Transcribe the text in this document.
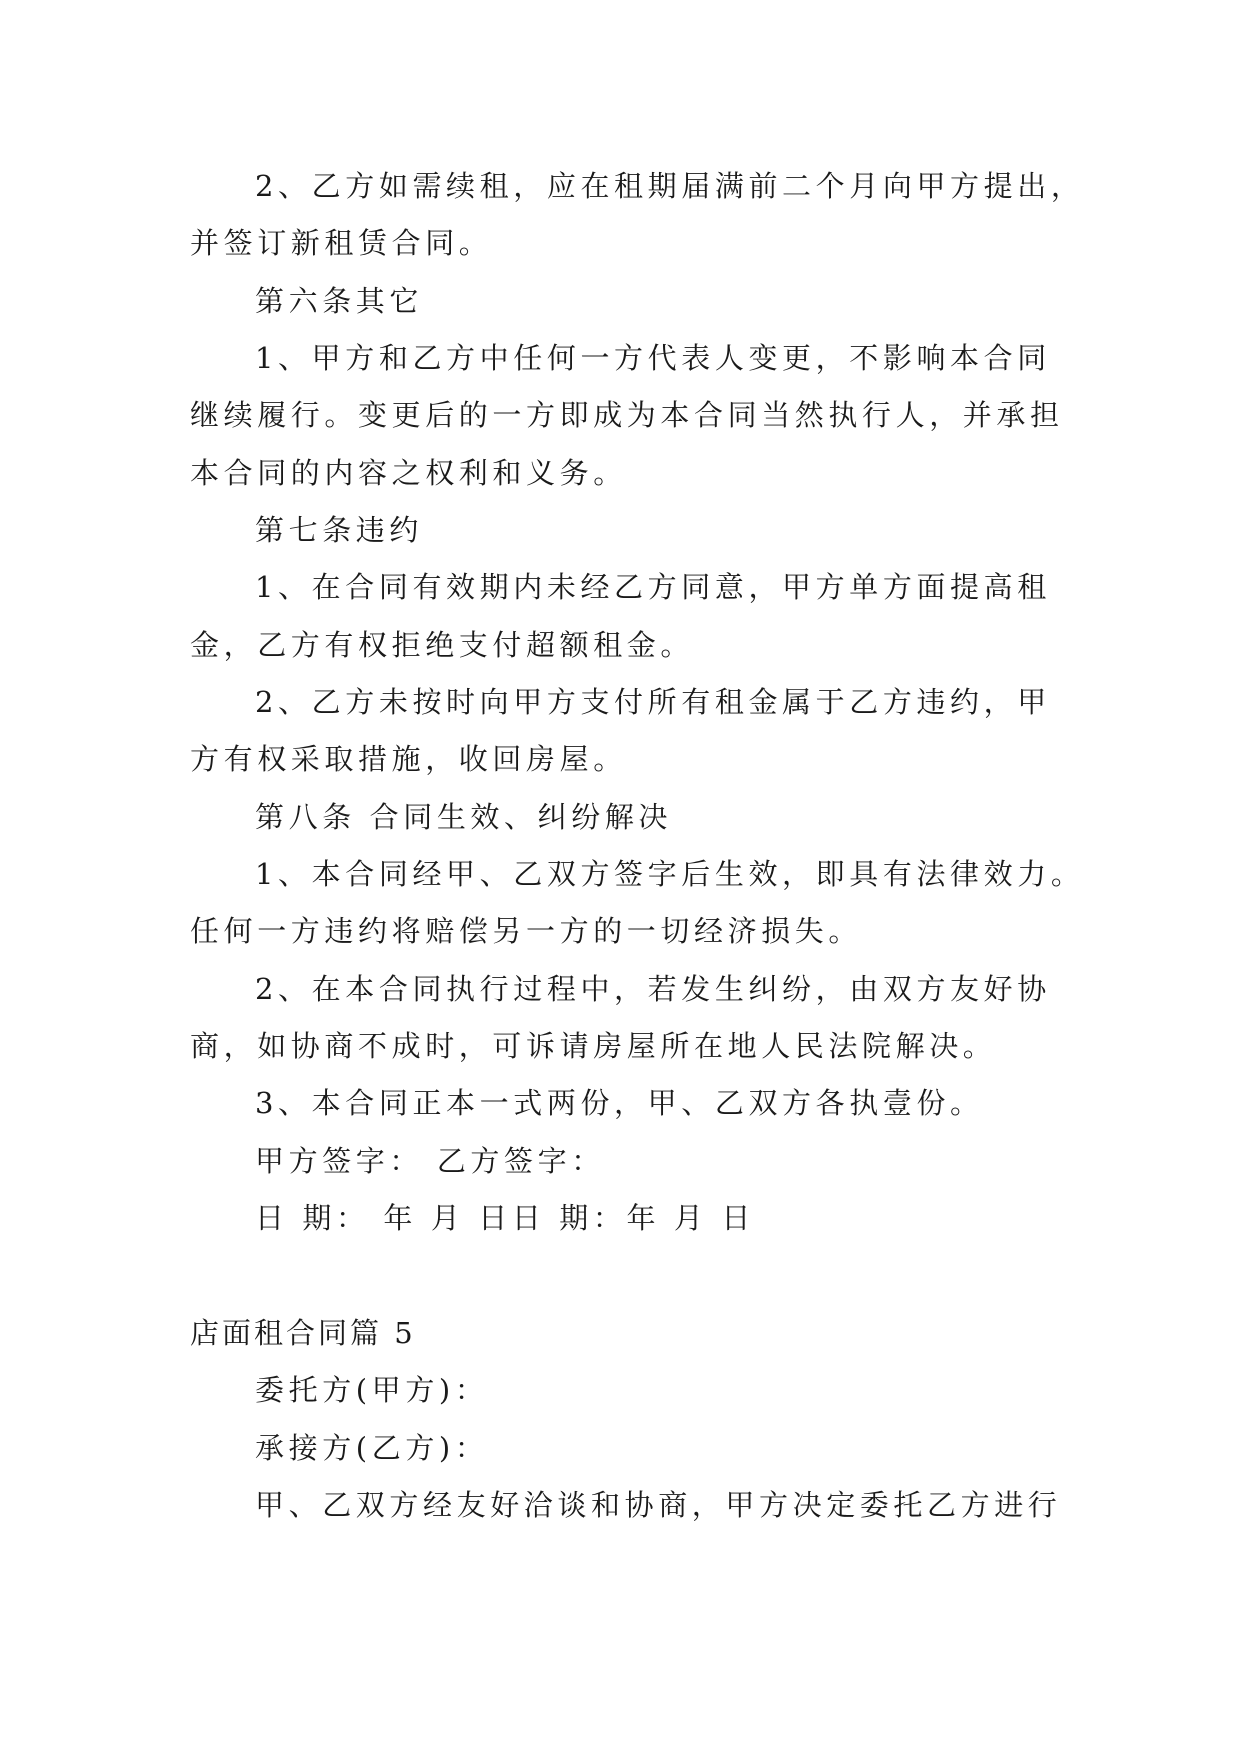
2、乙方如需续租，应在租期届满前二个月向甲方提出，
并签订新租赁合同。
第六条其它
1、甲方和乙方中任何一方代表人变更，不影响本合同
继续履行。变更后的一方即成为本合同当然执行人，并承担
本合同的内容之权利和义务。
第七条违约
1、在合同有效期内未经乙方同意，甲方单方面提高租
金，乙方有权拒绝支付超额租金。
2、乙方未按时向甲方支付所有租金属于乙方违约，甲
方有权采取措施，收回房屋。
第八条 合同生效、纠纷解决
1、本合同经甲、乙双方签字后生效，即具有法律效力。
任何一方违约将赔偿另一方的一切经济损失。
2、在本合同执行过程中，若发生纠纷，由双方友好协
商，如协商不成时，可诉请房屋所在地人民法院解决。
3、本合同正本一式两份，甲、乙双方各执壹份。
甲方签字： 乙方签字：
日 期： 年 月 日日 期：年 月 日
店面租合同篇 5
委托方(甲方)：
承接方(乙方)：
甲、乙双方经友好洽谈和协商，甲方决定委托乙方进行
